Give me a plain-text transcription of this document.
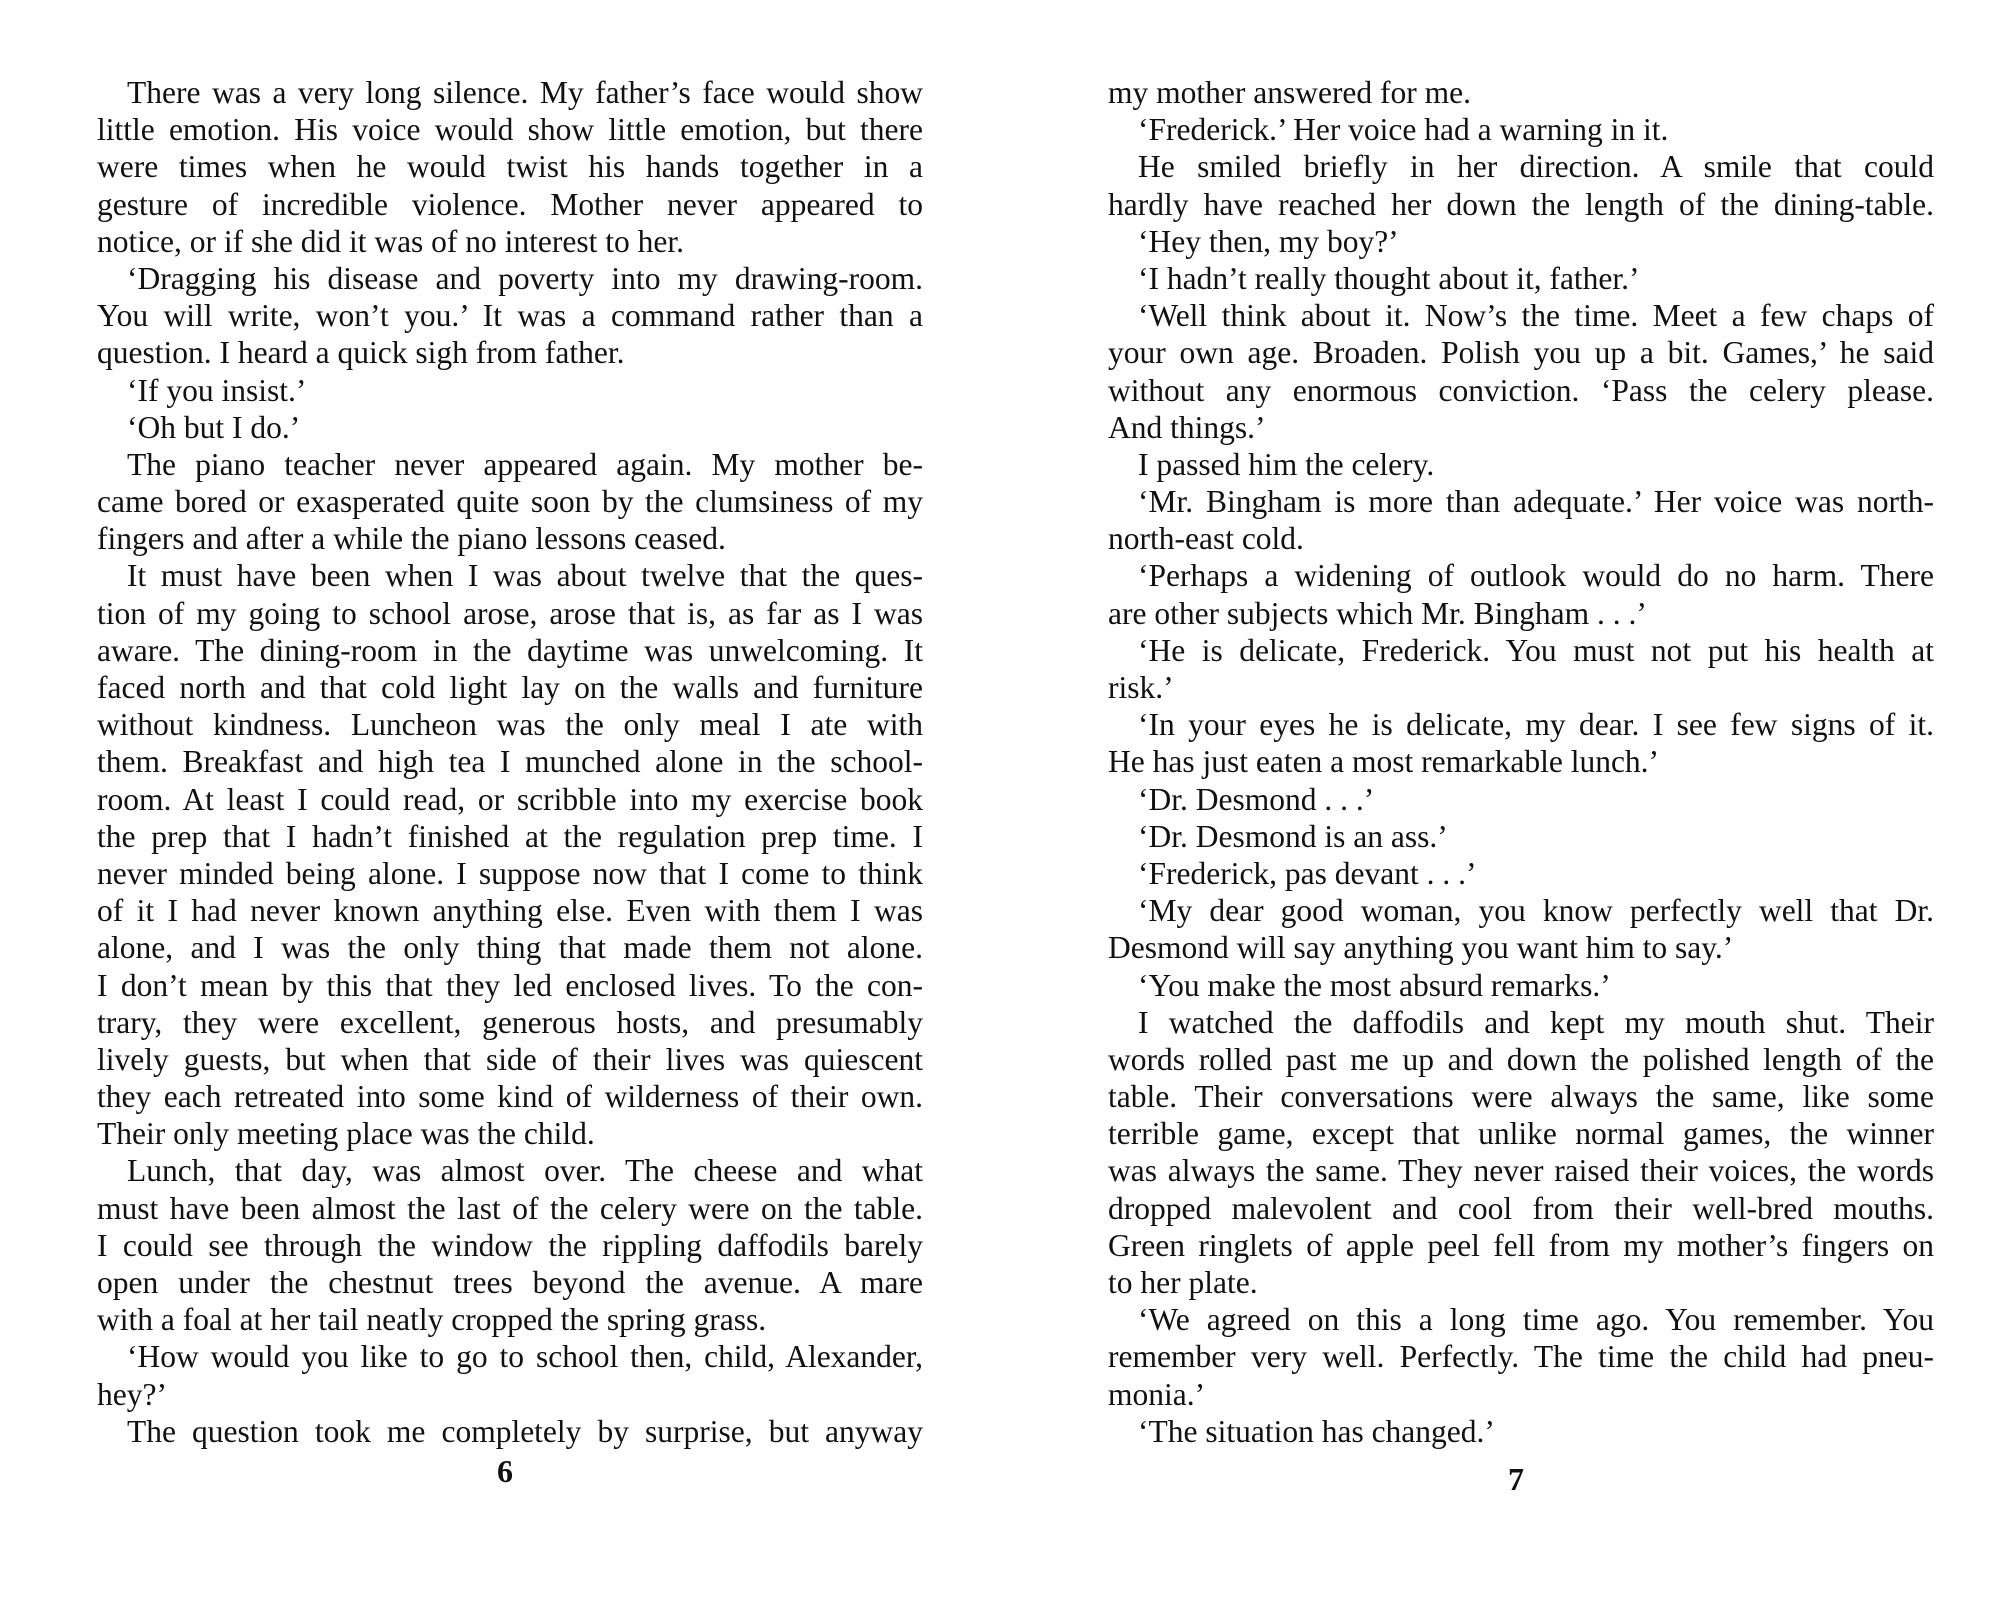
There was a very long silence. My father’s face would show
little emotion. His voice would show little emotion, but there
were times when he would twist his hands together in a
gesture of incredible violence. Mother never appeared to
notice, or if she did it was of no interest to her.
‘Dragging his disease and poverty into my drawing-room.
You will write, won’t you.’ It was a command rather than a
question. I heard a quick sigh from father.
‘If you insist.’
‘Oh but I do.’
The piano teacher never appeared again. My mother be-
came bored or exasperated quite soon by the clumsiness of my
fingers and after a while the piano lessons ceased.
It must have been when I was about twelve that the ques-
tion of my going to school arose, arose that is, as far as I was
aware. The dining-room in the daytime was unwelcoming. It
faced north and that cold light lay on the walls and furniture
without kindness. Luncheon was the only meal I ate with
them. Breakfast and high tea I munched alone in the school-
room. At least I could read, or scribble into my exercise book
the prep that I hadn’t finished at the regulation prep time. I
never minded being alone. I suppose now that I come to think
of it I had never known anything else. Even with them I was
alone, and I was the only thing that made them not alone.
I don’t mean by this that they led enclosed lives. To the con-
trary, they were excellent, generous hosts, and presumably
lively guests, but when that side of their lives was quiescent
they each retreated into some kind of wilderness of their own.
Their only meeting place was the child.
Lunch, that day, was almost over. The cheese and what
must have been almost the last of the celery were on the table.
I could see through the window the rippling daffodils barely
open under the chestnut trees beyond the avenue. A mare
with a foal at her tail neatly cropped the spring grass.
‘How would you like to go to school then, child, Alexander,
hey?’
The question took me completely by surprise, but anyway
6
my mother answered for me.
‘Frederick.’ Her voice had a warning in it.
He smiled briefly in her direction. A smile that could
hardly have reached her down the length of the dining-table.
‘Hey then, my boy?’
‘I hadn’t really thought about it, father.’
‘Well think about it. Now’s the time. Meet a few chaps of
your own age. Broaden. Polish you up a bit. Games,’ he said
without any enormous conviction. ‘Pass the celery please.
And things.’
I passed him the celery.
‘Mr. Bingham is more than adequate.’ Her voice was north-
north-east cold.
‘Perhaps a widening of outlook would do no harm. There
are other subjects which Mr. Bingham . . .’
‘He is delicate, Frederick. You must not put his health at
risk.’
‘In your eyes he is delicate, my dear. I see few signs of it.
He has just eaten a most remarkable lunch.’
‘Dr. Desmond . . .’
‘Dr. Desmond is an ass.’
‘Frederick, pas devant . . .’
‘My dear good woman, you know perfectly well that Dr.
Desmond will say anything you want him to say.’
‘You make the most absurd remarks.’
I watched the daffodils and kept my mouth shut. Their
words rolled past me up and down the polished length of the
table. Their conversations were always the same, like some
terrible game, except that unlike normal games, the winner
was always the same. They never raised their voices, the words
dropped malevolent and cool from their well-bred mouths.
Green ringlets of apple peel fell from my mother’s fingers on
to her plate.
‘We agreed on this a long time ago. You remember. You
remember very well. Perfectly. The time the child had pneu-
monia.’
‘The situation has changed.’
7
